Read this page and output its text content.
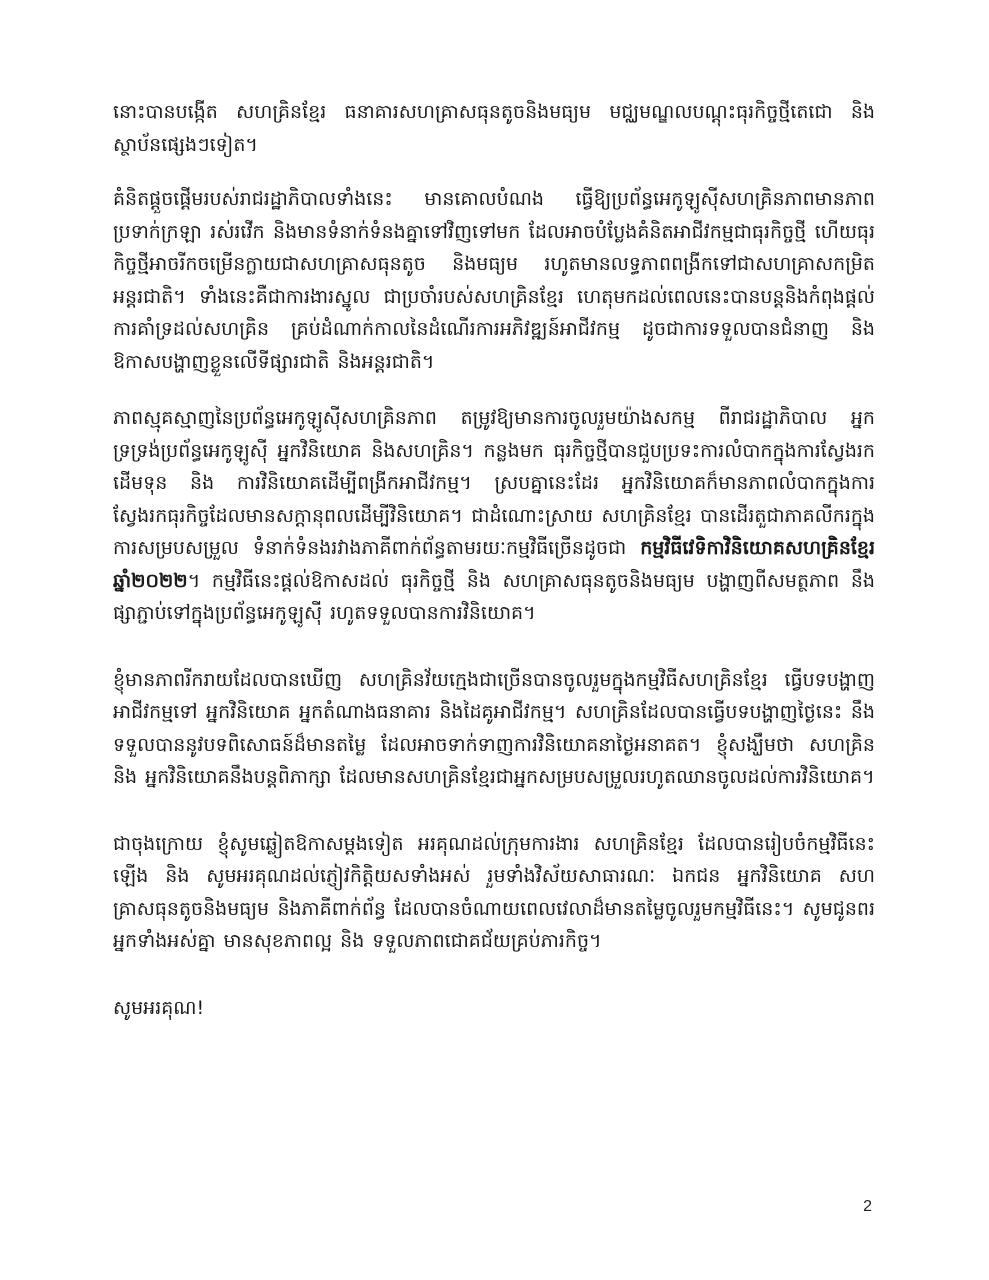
នោះបានបង្កើត សហគ្រិនខ្មែរ ធនាគារសហគ្រាសធុនតូចនិងមធ្យម មជ្ឈមណ្ឌលបណ្តុះធុរកិច្ចថ្មីតេជោ និងស្ថាប័នផ្សេងៗទៀត។

គំនិតផ្តួចផ្តើមរបស់រាជរដ្ឋាភិបាលទាំងនេះ មានគោលបំណង ធ្វើឱ្យប្រព័ន្ធអេកូឡូស៊ីសហគ្រិនភាពមានភាពប្រទាក់ក្រឡា រស់រវើក និងមានទំនាក់ទំនងគ្នាទៅវិញទៅមក ដែលអាចបំប្លែងគំនិតអាជីវកម្មជាធុរកិច្ចថ្មី ហើយធុរកិច្ចថ្មីអាចរីកចម្រើនក្លាយជាសហគ្រាសធុនតូច និងមធ្យម រហូតមានលទ្ធភាពពង្រីកទៅជាសហគ្រាសកម្រិតអន្តរជាតិ។ ទាំងនេះគឺជាការងារស្នូល ជាប្រចាំរបស់សហគ្រិនខ្មែរ ហេតុមកដល់ពេលនេះបានបន្តនិងកំពុងផ្តល់ ការគាំទ្រដល់សហគ្រិន គ្រប់ដំណាក់កាលនៃដំណើរការអភិវឌ្ឍន៍អាជីវកម្ម ដូចជាការទទួលបានជំនាញ និង ឱកាសបង្ហាញខ្លួនលើទីផ្សារជាតិ និងអន្តរជាតិ។

ភាពស្មុគស្មាញនៃប្រព័ន្ធអេកូឡូស៊ីសហគ្រិនភាព តម្រូវឱ្យមានការចូលរួមយ៉ាងសកម្ម ពីរាជរដ្ឋាភិបាល អ្នកទ្រទ្រង់ប្រព័ន្ធអេកូឡូស៊ី អ្នកវិនិយោគ និងសហគ្រិន។ កន្លងមក ធុរកិច្ចថ្មីបានជួបប្រទះការលំបាកក្នុងការស្វែងរកដើមទុន និង ការវិនិយោគដើម្បីពង្រីកអាជីវកម្ម។ ស្របគ្នានេះដែរ អ្នកវិនិយោគក៏មានភាពលំបាកក្នុងការស្វែងរកធុរកិច្ចដែលមានសក្តានុពលដើម្បីវិនិយោគ។ ជាដំណោះស្រាយ សហគ្រិនខ្មែរ បានដើរតួជាភាគលីករក្នុងការសម្របសម្រួល ទំនាក់ទំនងរវាងភាគីពាក់ព័ន្ធតាមរយៈកម្មវិធីច្រើនដូចជា កម្មវិធីវេទិកាវិនិយោគសហគ្រិនខ្មែរឆ្នាំ២០២២។ កម្មវិធីនេះផ្តល់ឱកាសដល់ ធុរកិច្ចថ្មី និង សហគ្រាសធុនតូចនិងមធ្យម បង្ហាញពីសមត្ថភាព នឹងផ្សាភ្ជាប់ទៅក្នុងប្រព័ន្ធអេកូឡូស៊ី រហូតទទួលបានការវិនិយោគ។

ខ្ញុំមានភាពរីករាយដែលបានឃើញ សហគ្រិនវ័យក្មេងជាច្រើនបានចូលរួមក្នុងកម្មវិធីសហគ្រិនខ្មែរ ធ្វើបទបង្ហាញអាជីវកម្មទៅ អ្នកវិនិយោគ អ្នកតំណាងធនាគារ និងដៃគូអាជីវកម្ម។ សហគ្រិនដែលបានធ្វើបទបង្ហាញថ្ងៃនេះ នឹងទទួលបាននូវបទពិសោធន៍ដ៏មានតម្លៃ ដែលអាចទាក់ទាញការវិនិយោគនាថ្ងៃអនាគត។ ខ្ញុំសង្ឃឹមថា សហគ្រិន និង អ្នកវិនិយោគនឹងបន្តពិភាក្សា ដែលមានសហគ្រិនខ្មែរជាអ្នកសម្របសម្រួលរហូតឈានចូលដល់ការវិនិយោគ។

ជាចុងក្រោយ ខ្ញុំសូមឆ្លៀតឱកាសម្តងទៀត អរគុណដល់ក្រុមការងារ សហគ្រិនខ្មែរ ដែលបានរៀបចំកម្មវិធីនេះឡើង និង សូមអរគុណដល់ភ្ញៀវកិត្តិយសទាំងអស់ រួមទាំងវិស័យសាធារណៈ ឯកជន អ្នកវិនិយោគ សហគ្រាសធុនតូចនិងមធ្យម និងភាគីពាក់ព័ន្ធ ដែលបានចំណាយពេលវេលាដ៏មានតម្លៃចូលរួមកម្មវិធីនេះ។ សូមជូនពរអ្នកទាំងអស់គ្នា មានសុខភាពល្អ និង ទទួលភាពជោគជ័យគ្រប់ភារកិច្ច។

សូមអរគុណ!

2
